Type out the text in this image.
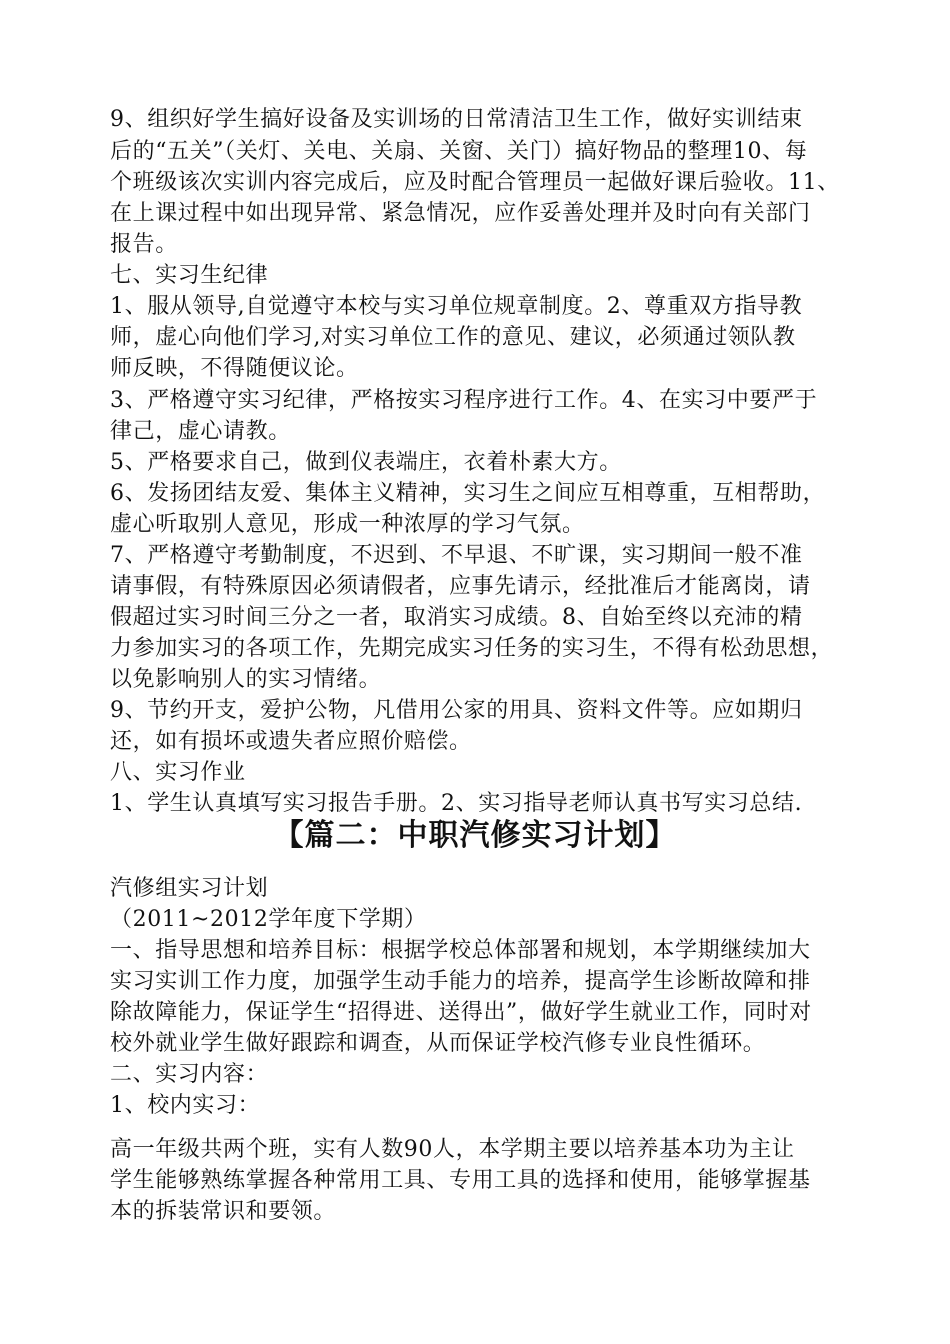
9、组织好学生搞好设备及实训场的日常清洁卫生工作，做好实训结束
后的“五关”（关灯、关电、关扇、关窗、关门）搞好物品的整理10、每
个班级该次实训内容完成后，应及时配合管理员一起做好课后验收。11、
在上课过程中如出现异常、紧急情况，应作妥善处理并及时向有关部门
报告。
七、实习生纪律
1、服从领导,自觉遵守本校与实习单位规章制度。2、尊重双方指导教
师，虚心向他们学习,对实习单位工作的意见、建议，必须通过领队教
师反映，不得随便议论。
3、严格遵守实习纪律，严格按实习程序进行工作。4、在实习中要严于
律己，虚心请教。
5、严格要求自己，做到仪表端庄，衣着朴素大方。
6、发扬团结友爱、集体主义精神，实习生之间应互相尊重，互相帮助，
虚心听取别人意见，形成一种浓厚的学习气氛。
7、严格遵守考勤制度，不迟到、不早退、不旷课，实习期间一般不准
请事假，有特殊原因必须请假者，应事先请示，经批准后才能离岗，请
假超过实习时间三分之一者，取消实习成绩。8、自始至终以充沛的精
力参加实习的各项工作，先期完成实习任务的实习生，不得有松劲思想，
以免影响别人的实习情绪。
9、节约开支，爱护公物，凡借用公家的用具、资料文件等。应如期归
还，如有损坏或遗失者应照价赔偿。
八、实习作业
1、学生认真填写实习报告手册。2、实习指导老师认真书写实习总结.
【篇二：中职汽修实习计划】
汽修组实习计划
（2011~2012学年度下学期）
一、指导思想和培养目标：根据学校总体部署和规划，本学期继续加大
实习实训工作力度，加强学生动手能力的培养，提高学生诊断故障和排
除故障能力，保证学生“招得进、送得出”，做好学生就业工作，同时对
校外就业学生做好跟踪和调查，从而保证学校汽修专业良性循环。
二、实习内容：
1、校内实习：
高一年级共两个班，实有人数90人，本学期主要以培养基本功为主让
学生能够熟练掌握各种常用工具、专用工具的选择和使用，能够掌握基
本的拆装常识和要领。
